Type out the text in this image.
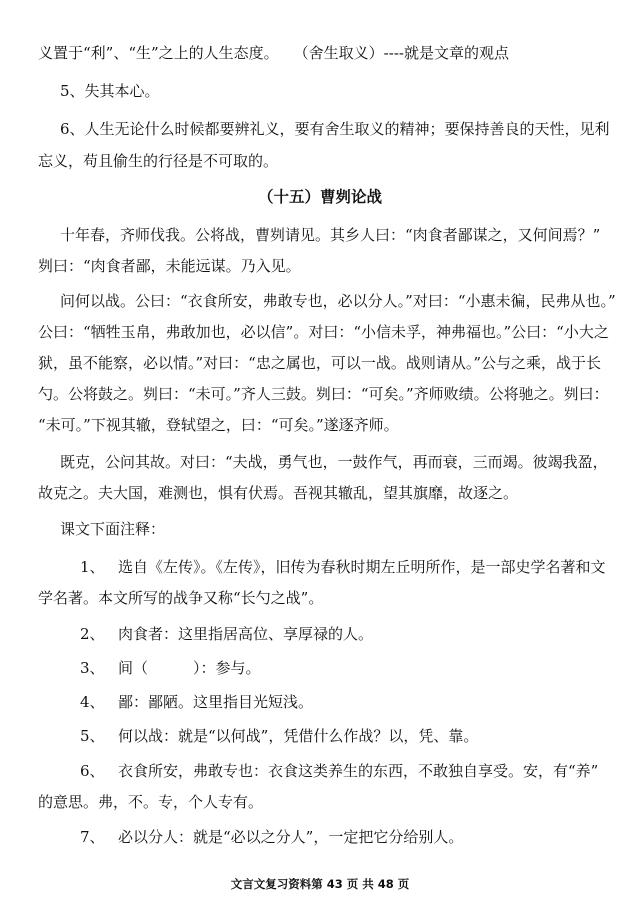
义置于“利”、“生”之上的人生态度。　　（舍生取义）----就是文章的观点
5、失其本心。
6、人生无论什么时候都要辨礼义，要有舍生取义的精神；要保持善良的天性，见利
忘义，苟且偷生的行径是不可取的。
（十五）曹刿论战
十年春，齐师伐我。公将战，曹刿请见。其乡人曰：“肉食者鄙谋之，又何间焉？”
刿曰：“肉食者鄙，未能远谋。乃入见。
问何以战。公曰：“衣食所安，弗敢专也，必以分人。”对曰：“小惠未徧，民弗从也。”
公曰：“牺牲玉帛，弗敢加也，必以信”。对曰：“小信未孚，神弗福也。”公曰：“小大之
狱，虽不能察，必以情。”对曰：“忠之属也，可以一战。战则请从。”公与之乘，战于长
勺。公将鼓之。刿曰：“未可。”齐人三鼓。刿曰：“可矣。”齐师败绩。公将驰之。刿曰：
“未可。”下视其辙，登轼望之，曰：“可矣。”遂逐齐师。
既克，公问其故。对曰：“夫战，勇气也，一鼓作气，再而衰，三而竭。彼竭我盈，
故克之。夫大国，难测也，惧有伏焉。吾视其辙乱，望其旗靡，故逐之。
课文下面注释：
1、 选自《左传》。《左传》，旧传为春秋时期左丘明所作，是一部史学名著和文
学名著。本文所写的战争又称“长勺之战”。
2、 肉食者：这里指居高位、享厚禄的人。
3、 间（　　　）：参与。
4、 鄙：鄙陋。这里指目光短浅。
5、 何以战：就是“以何战”，凭借什么作战？以，凭、靠。
6、 衣食所安，弗敢专也：衣食这类养生的东西，不敢独自享受。安，有“养”
的意思。弗，不。专，个人专有。
7、 必以分人：就是“必以之分人”，一定把它分给别人。
文言文复习资料第 43 页 共 48 页
